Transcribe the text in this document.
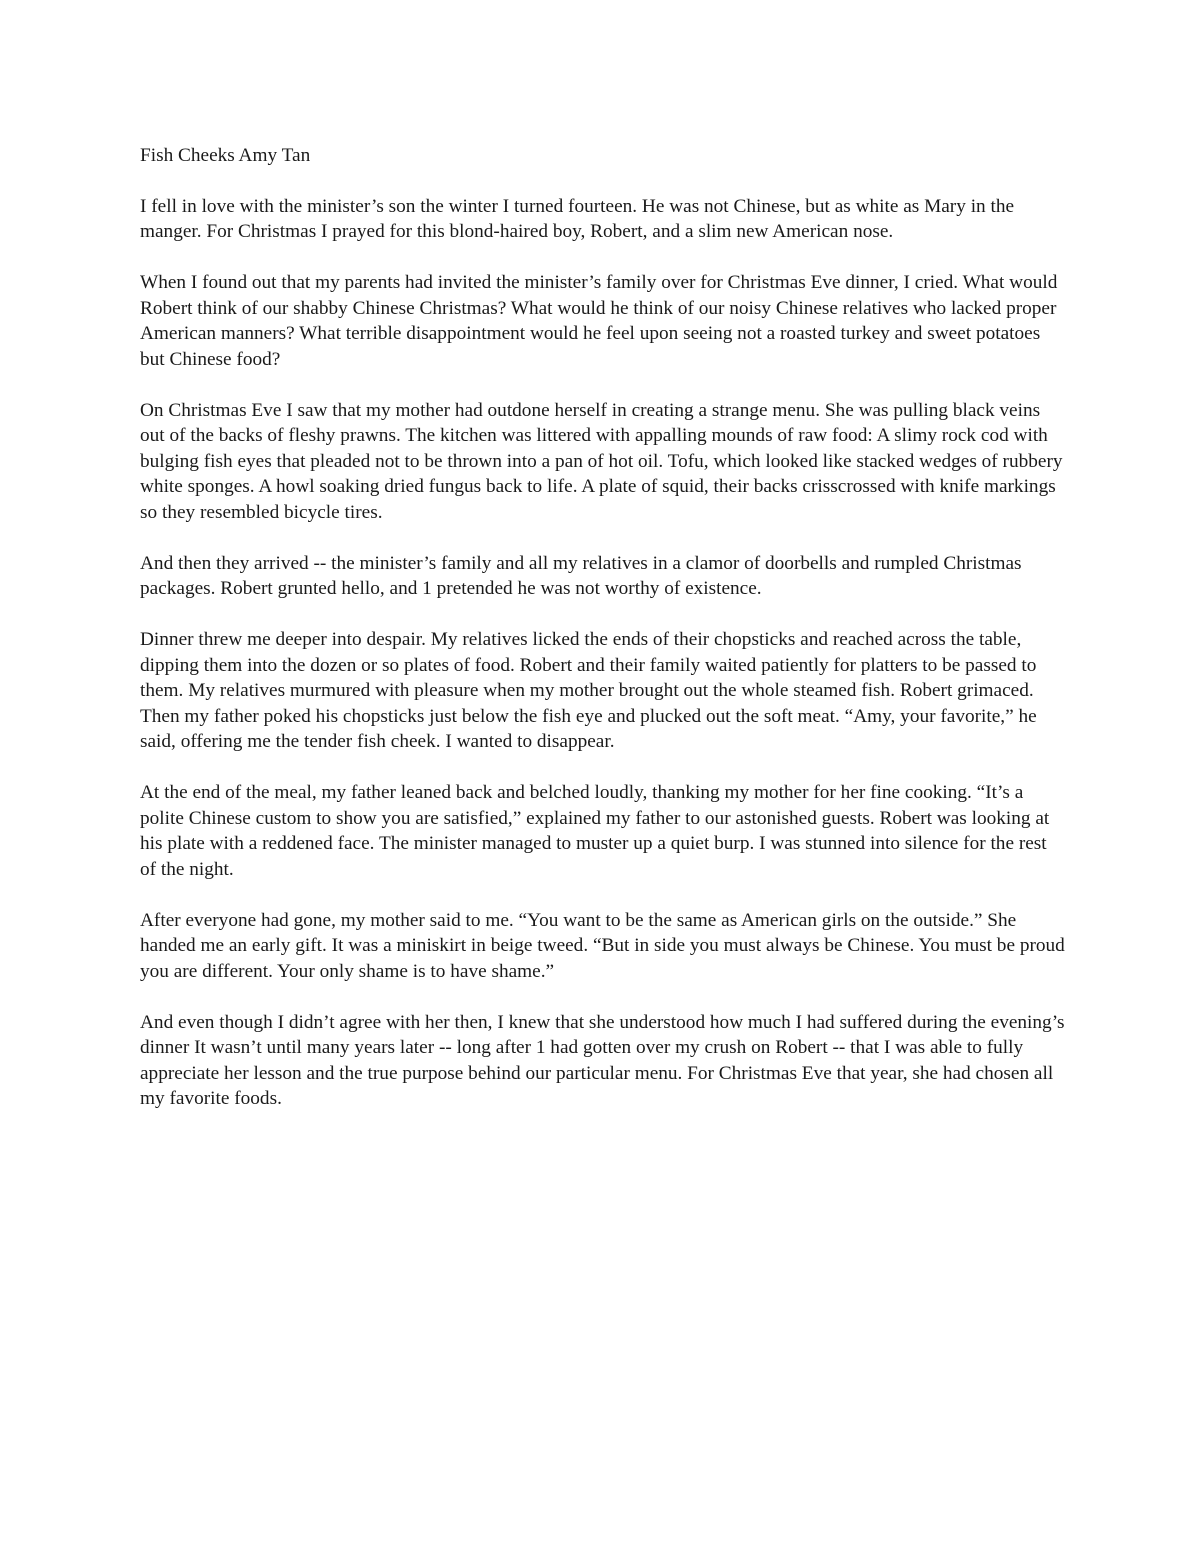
Fish Cheeks Amy Tan

I fell in love with the minister’s son the winter I turned fourteen. He was not Chinese, but as white as Mary in the manger. For Christmas I prayed for this blond-haired boy, Robert, and a slim new American nose.

When I found out that my parents had invited the minister’s family over for Christmas Eve dinner, I cried. What would Robert think of our shabby Chinese Christmas? What would he think of our noisy Chinese relatives who lacked proper American manners? What terrible disappointment would he feel upon seeing not a roasted turkey and sweet potatoes but Chinese food?

On Christmas Eve I saw that my mother had outdone herself in creating a strange menu. She was pulling black veins out of the backs of fleshy prawns. The kitchen was littered with appalling mounds of raw food: A slimy rock cod with bulging fish eyes that pleaded not to be thrown into a pan of hot oil. Tofu, which looked like stacked wedges of rubbery white sponges. A howl soaking dried fungus back to life. A plate of squid, their backs crisscrossed with knife markings so they resembled bicycle tires.

And then they arrived -- the minister’s family and all my relatives in a clamor of doorbells and rumpled Christmas packages. Robert grunted hello, and 1 pretended he was not worthy of existence.

Dinner threw me deeper into despair. My relatives licked the ends of their chopsticks and reached across the table, dipping them into the dozen or so plates of food. Robert and their family waited patiently for platters to be passed to them. My relatives murmured with pleasure when my mother brought out the whole steamed fish. Robert grimaced. Then my father poked his chopsticks just below the fish eye and plucked out the soft meat. “Amy, your favorite,” he said, offering me the tender fish cheek. I wanted to disappear.

At the end of the meal, my father leaned back and belched loudly, thanking my mother for her fine cooking. “It’s a polite Chinese custom to show you are satisfied,” explained my father to our astonished guests. Robert was looking at his plate with a reddened face. The minister managed to muster up a quiet burp. I was stunned into silence for the rest of the night.

After everyone had gone, my mother said to me. “You want to be the same as American girls on the outside.” She handed me an early gift. It was a miniskirt in beige tweed. “But in side you must always be Chinese. You must be proud you are different. Your only shame is to have shame.”

And even though I didn’t agree with her then, I knew that she understood how much I had suffered during the evening’s dinner It wasn’t until many years later -- long after 1 had gotten over my crush on Robert -- that I was able to fully appreciate her lesson and the true purpose behind our particular menu. For Christmas Eve that year, she had chosen all my favorite foods.
